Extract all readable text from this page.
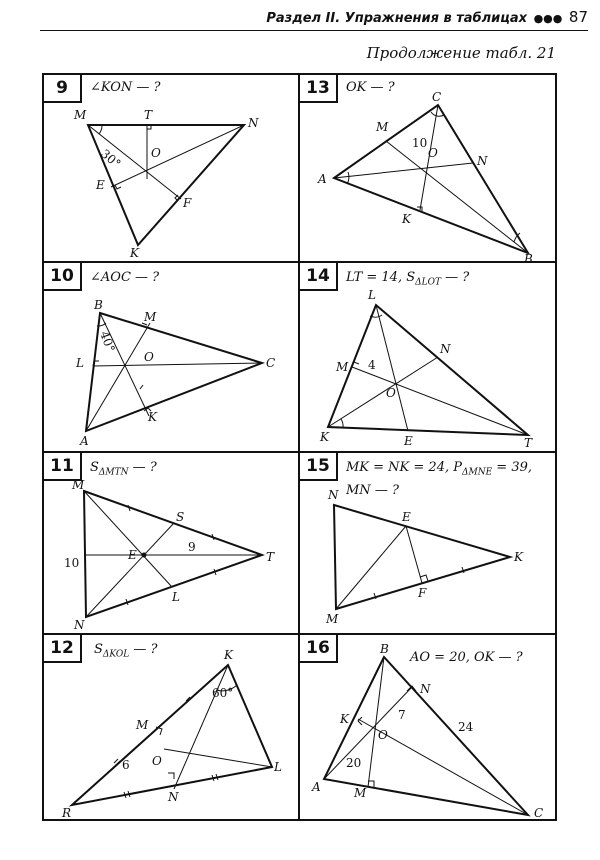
Раздел II. Упражнения в таблицах ●●● 87
Продолжение табл. 21
9	∠KON — ?
M	T
N
O
E
F
K
30°
13	OK — ?
C
M
N
A
O
K
B
10
10	∠AOC — ?
B
M
L	O	C
K
A
40°
14	LT = 14, $S_{\Delta LOT}$ — ?
L
N
M
O
K	E	T
4
11	$S_{\Delta MTN}$ — ?
M
S
E	T
L
N
10
9
15	MK = NK = 24, $P_{\Delta MNE} = 39$,
MN — ?
N
E
K
F
M
12	$S_{\Delta KOL}$ — ?	K
M
O	L
R
N
60°
6
16	AO = 20, OK — ?
B
N
K
O
A	M
C
7
20
24
